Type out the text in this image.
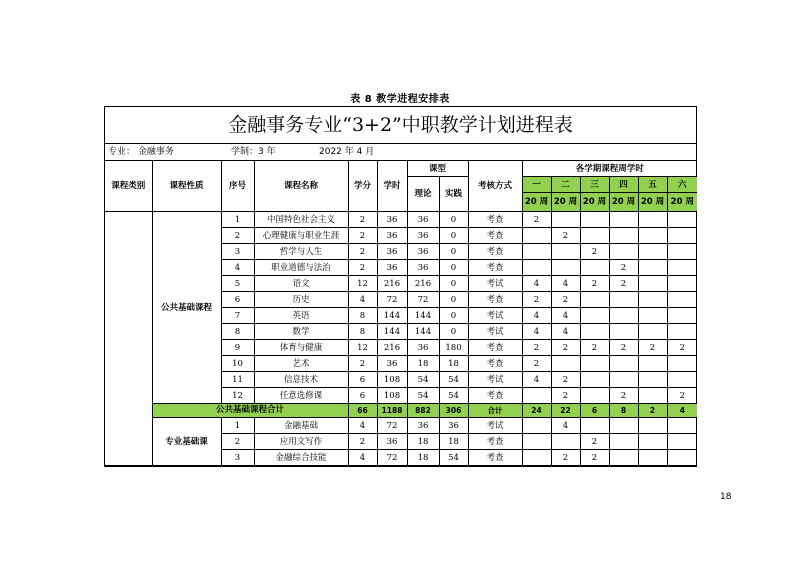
表 8 教学进程安排表
金融事务专业“3+2”中职教学计划进程表
专业： 金融事务	学制：3 年	2022 年 4 月
课程类别	课程性质	序号	课程名称	学分	学时	课型		考核方式	各学期课程周学时					
						理论	实践		一	二	三	四	五	六
									20 周	20 周	20 周	20 周	20 周	20 周
	公共基础课程	1	中国特色社会主义	2	36	36	0	考查	2					
		2	心理健康与职业生涯	2	36	36	0	考查		2				
		3	哲学与人生	2	36	36	0	考查			2			
		4	职业道德与法治	2	36	36	0	考查				2		
		5	语文	12	216	216	0	考试	4	4	2	2		
		6	历史	4	72	72	0	考查	2	2				
		7	英语	8	144	144	0	考试	4	4				
		8	数学	8	144	144	0	考试	4	4				
		9	体育与健康	12	216	36	180	考查	2	2	2	2	2	2
		10	艺术	2	36	18	18	考查	2					
		11	信息技术	6	108	54	54	考试	4	2				
		12	任意选修课	6	108	54	54	考查		2		2		2
	公共基础课程合计			66	1188	882	306	合计	24	22	6	8	2	4
	专业基础课	1	金融基础	4	72	36	36	考试		4				
		2	应用文写作	2	36	18	18	考查			2			
		3	金融综合技能	4	72	18	54	考查		2	2			
18
